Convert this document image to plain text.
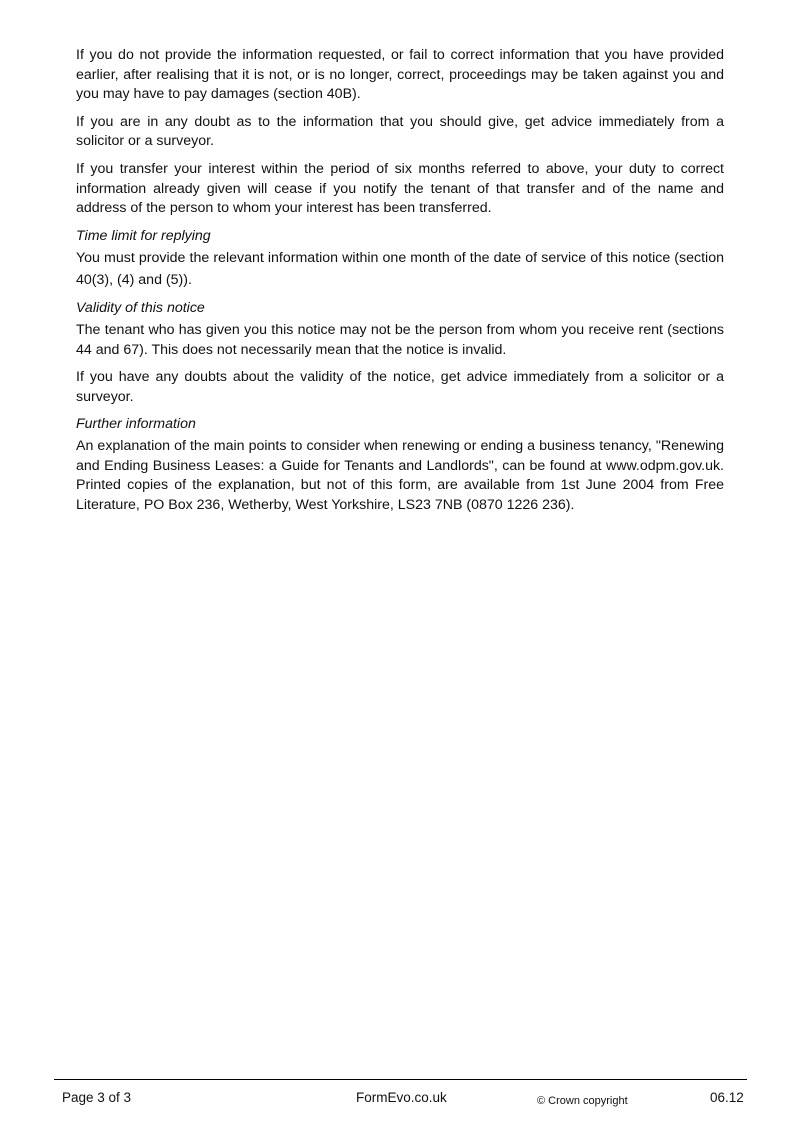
If you do not provide the information requested, or fail to correct information that you have provided earlier, after realising that it is not, or is no longer, correct, proceedings may be taken against you and you may have to pay damages (section 40B).

If you are in any doubt as to the information that you should give, get advice immediately from a solicitor or a surveyor.

If you transfer your interest within the period of six months referred to above, your duty to correct information already given will cease if you notify the tenant of that transfer and of the name and address of the person to whom your interest has been transferred.

Time limit for replying

You must provide the relevant information within one month of the date of service of this notice (section 40(3), (4) and (5)).

Validity of this notice

The tenant who has given you this notice may not be the person from whom you receive rent (sections 44 and 67). This does not necessarily mean that the notice is invalid.

If you have any doubts about the validity of the notice, get advice immediately from a solicitor or a surveyor.

Further information

An explanation of the main points to consider when renewing or ending a business tenancy, "Renewing and Ending Business Leases: a Guide for Tenants and Landlords", can be found at www.odpm.gov.uk. Printed copies of the explanation, but not of this form, are available from 1st June 2004 from Free Literature, PO Box 236, Wetherby, West Yorkshire, LS23 7NB (0870 1226 236).

Page 3 of 3	FormEvo.co.uk	© Crown copyright	06.12
